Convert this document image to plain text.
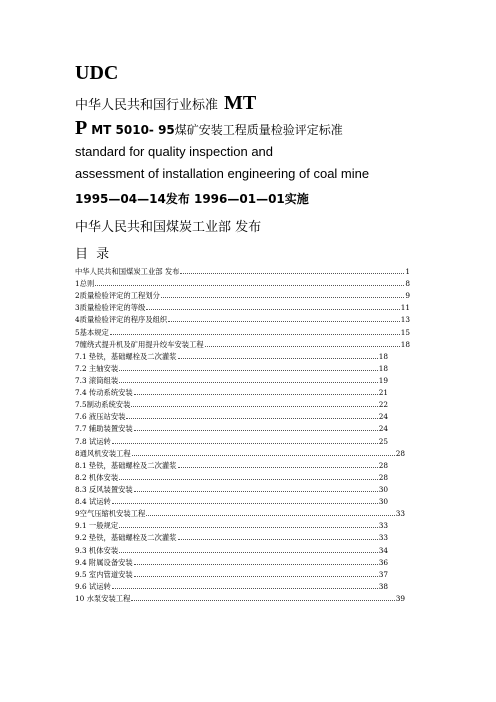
UDC
中华人民共和国行业标准 MT
PMT 5010- 95煤矿安装工程质量检验评定标准
standard for quality inspection and
assessment of installation engineering of coal mine
1995—04—14发布 1996—01—01实施
中华人民共和国煤炭工业部 发布
目 录
中华人民共和国煤炭工业部 发布	1
1总则	8
2质量检验评定的工程划分	9
3质量检验评定的等级	11
4质量检验评定的程序及组织	13
5基本规定	15
7缠绕式提升机及矿用提升绞车安装工程	18
7.1 垫铁，基础螺栓及二次灌浆	18
7.2 主轴安装	18
7.3 滚筒组装	19
7.4 传动系统安装	21
7.5制动系统安装	22
7.6 液压站安装	24
7.7 辅助装置安装	24
7.8 试运转	25
8通风机安装工程	28
8.1 垫铁，基础螺栓及二次灌浆	28
8.2 机体安装	28
8.3 反风装置安装	30
8.4 试运转	30
9空气压缩机安装工程	33
9.1 一般规定	33
9.2 垫铁，基础螺栓及二次灌浆	33
9.3 机体安装	34
9.4 附属设备安装	36
9.5 室内管道安装	37
9.6 试运转	38
10 水泵安装工程	39
